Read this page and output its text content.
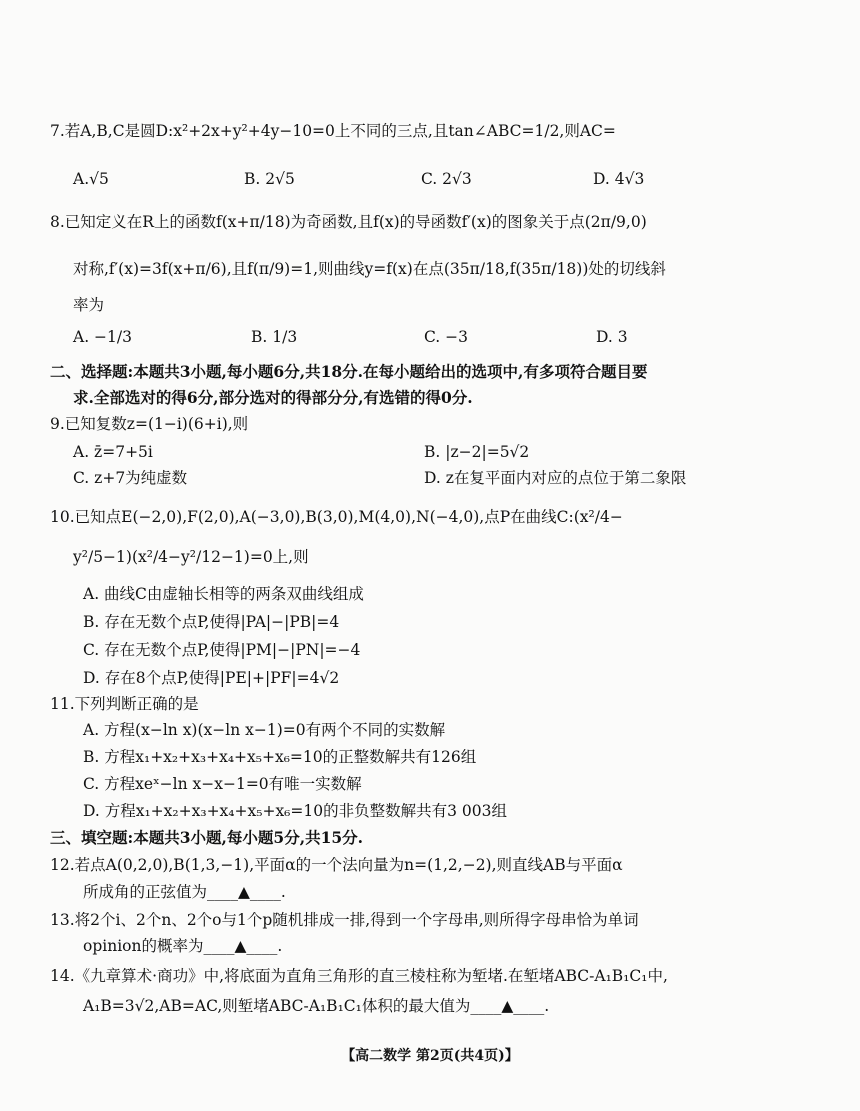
7.若A,B,C是圆D:x²+2x+y²+4y−10=0上不同的三点,且tan∠ABC=1/2,则AC=
A.√5	B. 2√5	C. 2√3	D. 4√3
8.已知定义在R上的函数f(x+π/18)为奇函数,且f(x)的导函数f′(x)的图象关于点(2π/9,0)
对称,f′(x)=3f(x+π/6),且f(π/9)=1,则曲线y=f(x)在点(35π/18,f(35π/18))处的切线斜
率为
A. −1/3	B. 1/3	C. −3	D. 3
二、选择题:本题共3小题,每小题6分,共18分.在每小题给出的选项中,有多项符合题目要
求.全部选对的得6分,部分选对的得部分分,有选错的得0分.
9.已知复数z=(1−i)(6+i),则
A. z̄=7+5i	B. |z−2|=5√2
C. z+7为纯虚数	D. z在复平面内对应的点位于第二象限
10.已知点E(−2,0),F(2,0),A(−3,0),B(3,0),M(4,0),N(−4,0),点P在曲线C:(x²/4−
y²/5−1)(x²/4−y²/12−1)=0上,则
A. 曲线C由虚轴长相等的两条双曲线组成
B. 存在无数个点P,使得|PA|−|PB|=4
C. 存在无数个点P,使得|PM|−|PN|=−4
D. 存在8个点P,使得|PE|+|PF|=4√2
11.下列判断正确的是
A. 方程(x−ln x)(x−ln x−1)=0有两个不同的实数解
B. 方程x₁+x₂+x₃+x₄+x₅+x₆=10的正整数解共有126组
C. 方程xeˣ−ln x−x−1=0有唯一实数解
D. 方程x₁+x₂+x₃+x₄+x₅+x₆=10的非负整数解共有3 003组
三、填空题:本题共3小题,每小题5分,共15分.
12.若点A(0,2,0),B(1,3,−1),平面α的一个法向量为n=(1,2,−2),则直线AB与平面α
所成角的正弦值为____▲____.
13.将2个i、2个n、2个o与1个p随机排成一排,得到一个字母串,则所得字母串恰为单词
opinion的概率为____▲____.
14.《九章算术·商功》中,将底面为直角三角形的直三棱柱称为堑堵.在堑堵ABC-A₁B₁C₁中,
A₁B=3√2,AB=AC,则堑堵ABC-A₁B₁C₁体积的最大值为____▲____.
【高二数学 第2页(共4页)】
